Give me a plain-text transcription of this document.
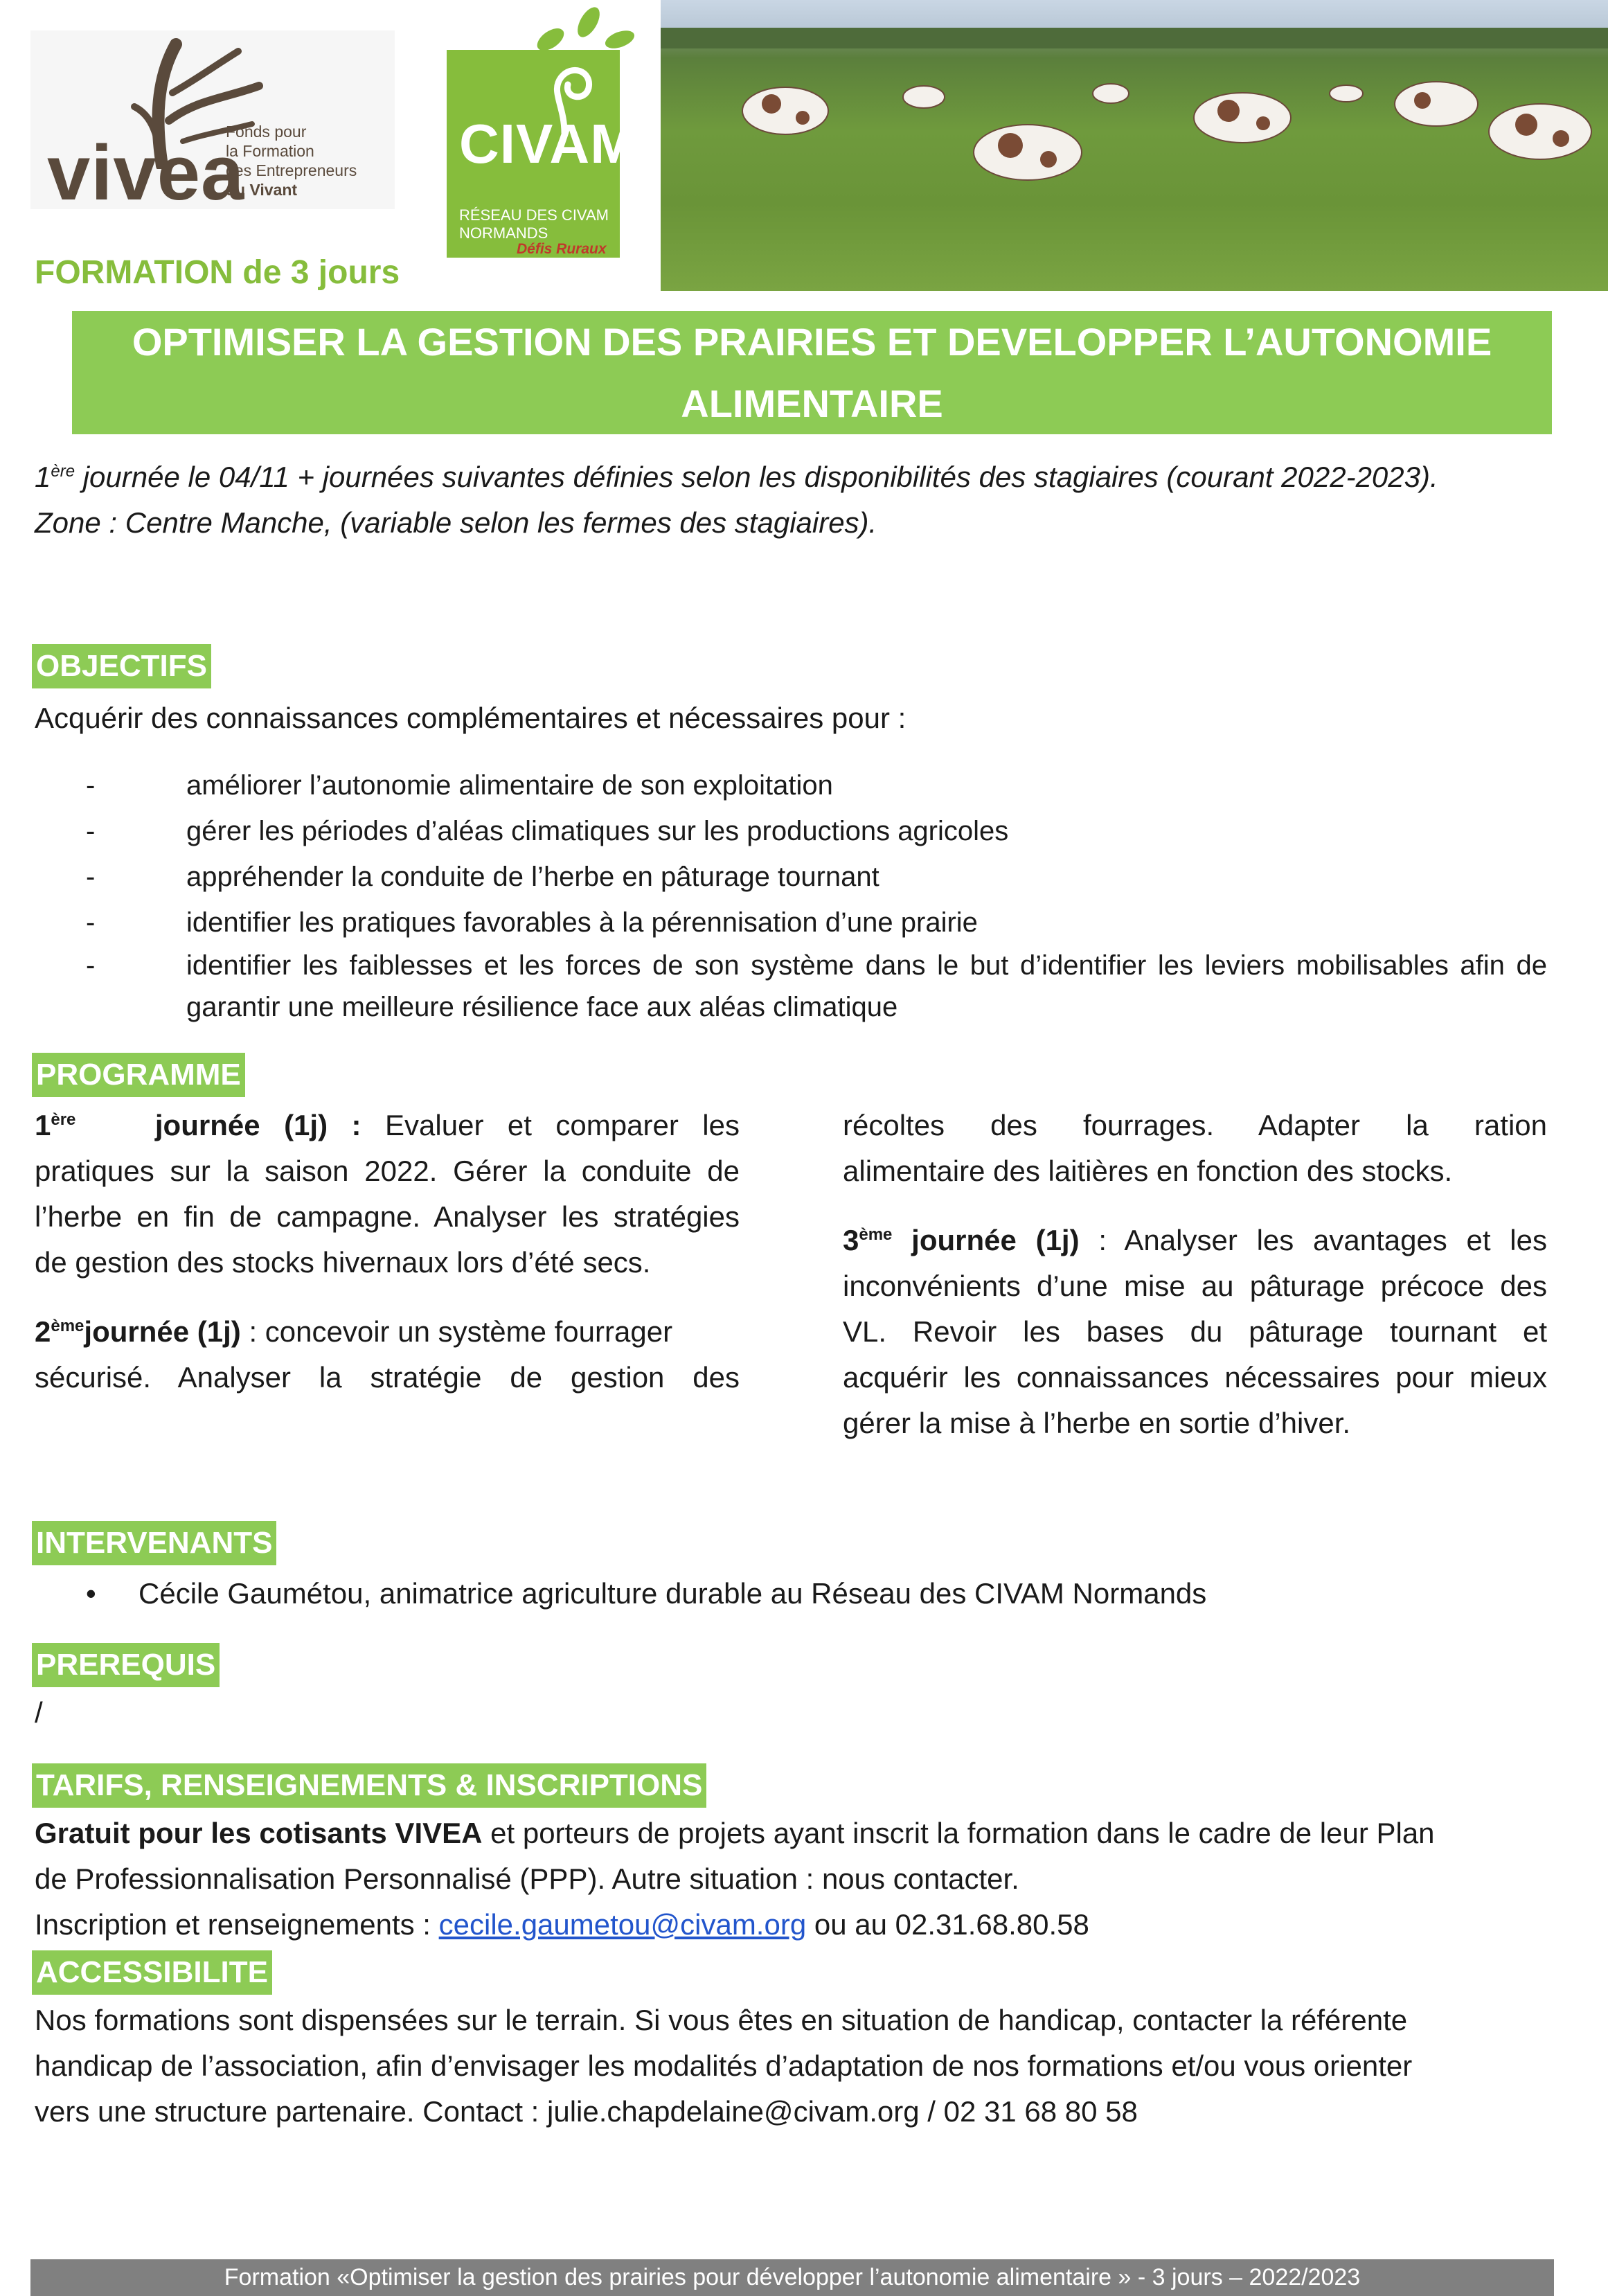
vivea
Fonds pour
la Formation
des Entrepreneurs
du Vivant
CIVAM
RÉSEAU DES CIVAM
NORMANDS
Défis Ruraux
FORMATION de 3 jours
OPTIMISER LA GESTION DES PRAIRIES ET DEVELOPPER L’AUTONOMIE ALIMENTAIRE
1ère journée le 04/11 + journées suivantes définies selon les disponibilités des stagiaires (courant 2022-2023).
Zone : Centre Manche, (variable selon les fermes des stagiaires).
OBJECTIFS
Acquérir des connaissances complémentaires et nécessaires pour :
-	améliorer l’autonomie alimentaire de son exploitation
-	gérer les périodes d’aléas climatiques sur les productions agricoles
-	appréhender la conduite de l’herbe en pâturage tournant
-	identifier les pratiques favorables à la pérennisation d’une prairie
-	identifier les faiblesses et les forces de son système dans le but d’identifier les leviers mobilisables afin de
garantir une meilleure résilience face aux aléas climatique
PROGRAMME

1ère	journée (1j) : Evaluer et comparer les
pratiques sur la saison 2022. Gérer la conduite de
l’herbe en fin de campagne. Analyser les stratégies
de gestion des stocks hivernaux lors d’été secs.

2èmejournée (1j) : concevoir un système fourrager
sécurisé. Analyser la stratégie de gestion des

récoltes des fourrages. Adapter la ration
alimentaire des laitières en fonction des stocks.

3ème journée (1j) : Analyser les avantages et les
inconvénients d’une mise au pâturage précoce des
VL. Revoir les bases du pâturage tournant et
acquérir les connaissances nécessaires pour mieux
gérer la mise à l’herbe en sortie d’hiver.

INTERVENANTS
• Cécile Gaumétou, animatrice agriculture durable au Réseau des CIVAM Normands
PREREQUIS
/
TARIFS, RENSEIGNEMENTS & INSCRIPTIONS
Gratuit pour les cotisants VIVEA et porteurs de projets ayant inscrit la formation dans le cadre de leur Plan
de Professionnalisation Personnalisé (PPP). Autre situation : nous contacter.
Inscription et renseignements : cecile.gaumetou@civam.org ou au 02.31.68.80.58
ACCESSIBILITE
Nos formations sont dispensées sur le terrain. Si vous êtes en situation de handicap, contacter la référente
handicap de l’association, afin d’envisager les modalités d’adaptation de nos formations et/ou vous orienter
vers une structure partenaire. Contact : julie.chapdelaine@civam.org / 02 31 68 80 58
Formation «Optimiser la gestion des prairies pour développer l’autonomie alimentaire » - 3 jours – 2022/2023
